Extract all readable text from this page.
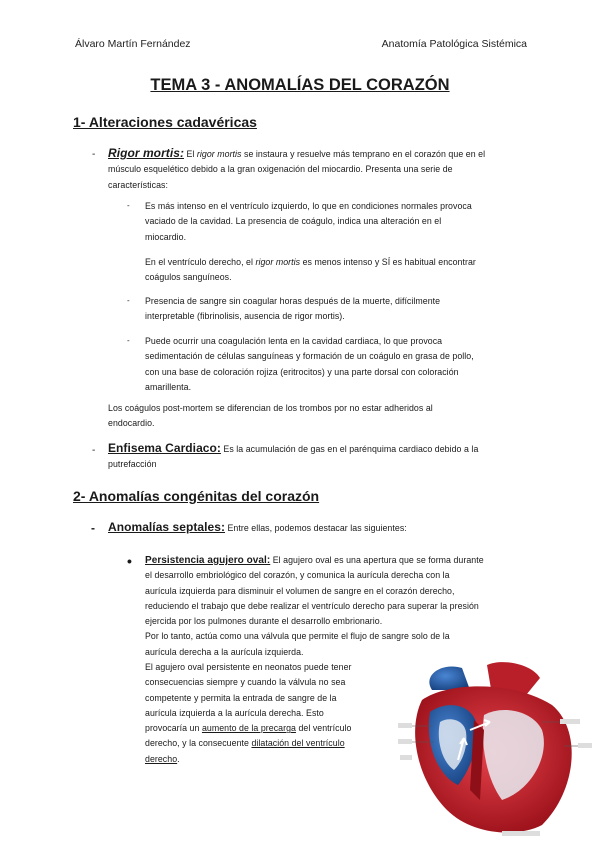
Álvaro Martín Fernández	Anatomía Patológica Sistémica
TEMA 3 - ANOMALÍAS DEL CORAZÓN
1- Alteraciones cadavéricas
- Rigor mortis: El rigor mortis se instaura y resuelve más temprano en el corazón que en el
músculo esquelético debido a la gran oxigenación del miocardio. Presenta una serie de
características:
- Es más intenso en el ventrículo izquierdo, lo que en condiciones normales provoca
vaciado de la cavidad. La presencia de coágulo, indica una alteración en el
miocardio.
En el ventrículo derecho, el rigor mortis es menos intenso y SÍ es habitual encontrar
coágulos sanguíneos.
- Presencia de sangre sin coagular horas después de la muerte, difícilmente
interpretable (fibrinolisis, ausencia de rigor mortis).
- Puede ocurrir una coagulación lenta en la cavidad cardiaca, lo que provoca
sedimentación de células sanguíneas y formación de un coágulo en grasa de pollo,
con una base de coloración rojiza (eritrocitos) y una parte dorsal con coloración
amarillenta.
Los coágulos post-mortem se diferencian de los trombos por no estar adheridos al
endocardio.
- Enfisema Cardiaco: Es la acumulación de gas en el parénquima cardiaco debido a la
putrefacción
2- Anomalías congénitas del corazón
- Anomalías septales: Entre ellas, podemos destacar las siguientes:
• Persistencia agujero oval: El agujero oval es una apertura que se forma durante
el desarrollo embriológico del corazón, y comunica la aurícula derecha con la
aurícula izquierda para disminuir el volumen de sangre en el corazón derecho,
reduciendo el trabajo que debe realizar el ventrículo derecho para superar la presión
ejercida por los pulmones durante el desarrollo embrionario.
Por lo tanto, actúa como una válvula que permite el flujo de sangre solo de la
aurícula derecha a la aurícula izquierda.
El agujero oval persistente en neonatos puede tener
consecuencias siempre y cuando la válvula no sea
competente y permita la entrada de sangre de la
aurícula izquierda a la aurícula derecha. Esto
provocaría un aumento de la precarga del ventrículo
derecho, y la consecuente dilatación del ventrículo
derecho.
